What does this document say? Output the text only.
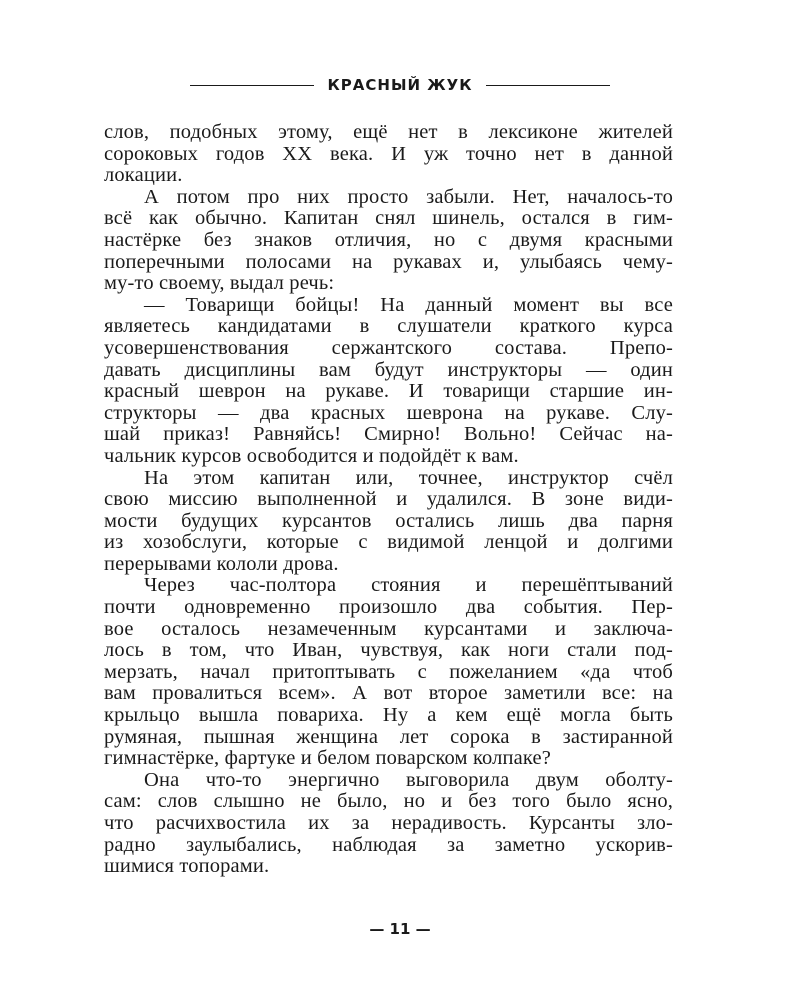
КРАСНЫЙ ЖУК
слов, подобных этому, ещё нет в лексиконе жителей
сороковых годов XX века. И уж точно нет в данной
локации.
А потом про них просто забыли. Нет, началось-то
всё как обычно. Капитан снял шинель, остался в гим-
настёрке без знаков отличия, но с двумя красными
поперечными полосами на рукавах и, улыбаясь чему-
му-то своему, выдал речь:
— Товарищи бойцы! На данный момент вы все
являетесь кандидатами в слушатели краткого курса
усовершенствования сержантского состава. Препо-
давать дисциплины вам будут инструкторы — один
красный шеврон на рукаве. И товарищи старшие ин-
структоры — два красных шеврона на рукаве. Слу-
шай приказ! Равняйсь! Смирно! Вольно! Сейчас на-
чальник курсов освободится и подойдёт к вам.
На этом капитан или, точнее, инструктор счёл
свою миссию выполненной и удалился. В зоне види-
мости будущих курсантов остались лишь два парня
из хозобслуги, которые с видимой ленцой и долгими
перерывами кололи дрова.
Через час-полтора стояния и перешёптываний
почти одновременно произошло два события. Пер-
вое осталось незамеченным курсантами и заключа-
лось в том, что Иван, чувствуя, как ноги стали под-
мерзать, начал притоптывать с пожеланием «да чтоб
вам провалиться всем». А вот второе заметили все: на
крыльцо вышла повариха. Ну а кем ещё могла быть
румяная, пышная женщина лет сорока в застиранной
гимнастёрке, фартуке и белом поварском колпаке?
Она что-то энергично выговорила двум оболту-
сам: слов слышно не было, но и без того было ясно,
что расчихвостила их за нерадивость. Курсанты зло-
радно заулыбались, наблюдая за заметно ускорив-
шимися топорами.
— 11 —
